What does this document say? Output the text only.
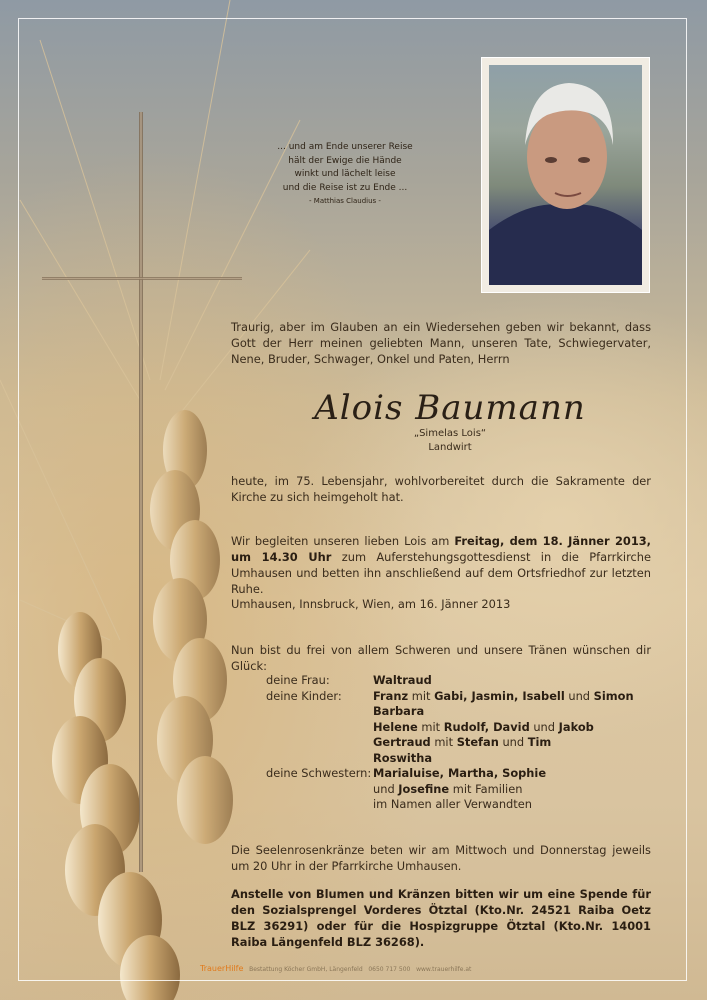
... und am Ende unserer Reise
hält der Ewige die Hände
winkt und lächelt leise
und die Reise ist zu Ende ...
- Matthias Claudius -
Traurig, aber im Glauben an ein Wiedersehen geben wir bekannt, dass Gott der Herr meinen geliebten Mann, unseren Tate, Schwiegervater, Nene, Bruder, Schwager, Onkel und Paten, Herrn
Alois Baumann
„Simelas Lois“
Landwirt
heute, im 75. Lebensjahr, wohlvorbereitet durch die Sakramente der Kirche zu sich heimgeholt hat.
Wir begleiten unseren lieben Lois am Freitag, dem 18. Jänner 2013, um 14.30 Uhr zum Auferstehungsgottesdienst in die Pfarrkirche Umhausen und betten ihn anschließend auf dem Ortsfriedhof zur letzten Ruhe.
Umhausen, Innsbruck, Wien, am 16. Jänner 2013
Nun bist du frei von allem Schweren und unsere Tränen wünschen dir Glück:
deine Frau:
deine Kinder:
deine Schwestern:
Waltraud
Franz mit Gabi, Jasmin, Isabell und Simon
Barbara
Helene mit Rudolf, David und Jakob
Gertraud mit Stefan und Tim
Roswitha
Marialuise, Martha, Sophie
und Josefine mit Familien
im Namen aller Verwandten
Die Seelenrosenkränze beten wir am Mittwoch und Donnerstag jeweils um 20 Uhr in der Pfarrkirche Umhausen.
Anstelle von Blumen und Kränzen bitten wir um eine Spende für den Sozialsprengel Vorderes Ötztal (Kto.Nr. 24521 Raiba Oetz BLZ 36291) oder für die Hospizgruppe Ötztal (Kto.Nr. 14001 Raiba Längenfeld BLZ 36268).
TrauerHilfe Bestattung Köcher GmbH, Längenfeld 0650 717 500 www.trauerhilfe.at
